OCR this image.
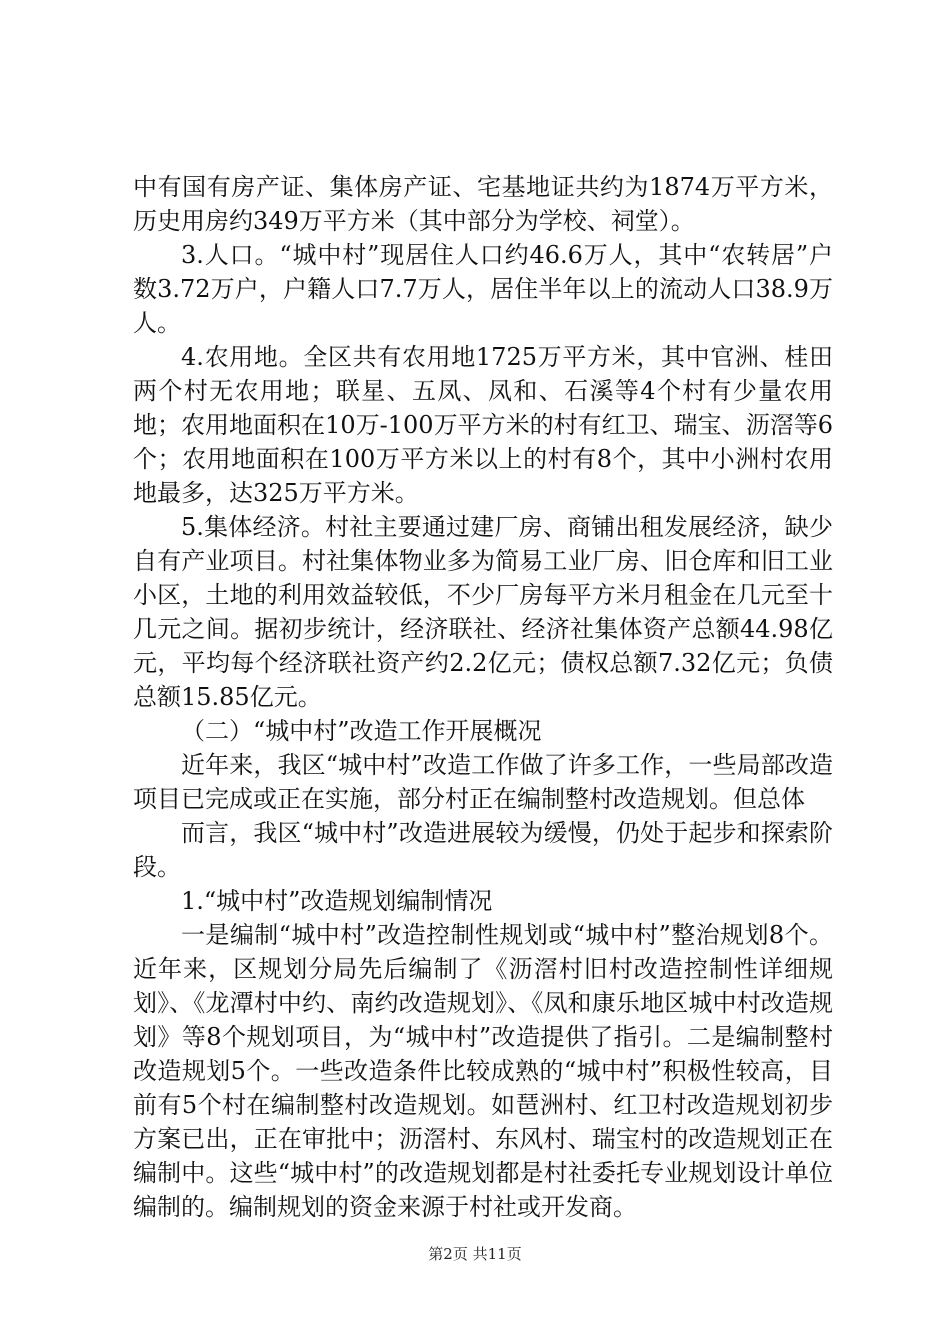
中有国有房产证、集体房产证、宅基地证共约为1874万平方米，历史用房约349万平方米（其中部分为学校、祠堂）。

3.人口。“城中村”现居住人口约46.6万人，其中“农转居”户数3.72万户，户籍人口7.7万人，居住半年以上的流动人口38.9万人。

4.农用地。全区共有农用地1725万平方米，其中官洲、桂田两个村无农用地；联星、五凤、凤和、石溪等4个村有少量农用地；农用地面积在10万-100万平方米的村有红卫、瑞宝、沥滘等6个；农用地面积在100万平方米以上的村有8个，其中小洲村农用地最多，达325万平方米。

5.集体经济。村社主要通过建厂房、商铺出租发展经济，缺少自有产业项目。村社集体物业多为简易工业厂房、旧仓库和旧工业小区，土地的利用效益较低，不少厂房每平方米月租金在几元至十几元之间。据初步统计，经济联社、经济社集体资产总额44.98亿元，平均每个经济联社资产约2.2亿元；债权总额7.32亿元；负债总额15.85亿元。

（二）“城中村”改造工作开展概况

近年来，我区“城中村”改造工作做了许多工作，一些局部改造项目已完成或正在实施，部分村正在编制整村改造规划。但总体

而言，我区“城中村”改造进展较为缓慢，仍处于起步和探索阶段。

1.“城中村”改造规划编制情况

一是编制“城中村”改造控制性规划或“城中村”整治规划8个。近年来，区规划分局先后编制了《沥滘村旧村改造控制性详细规划》、《龙潭村中约、南约改造规划》、《凤和康乐地区城中村改造规划》等8个规划项目，为“城中村”改造提供了指引。二是编制整村改造规划5个。一些改造条件比较成熟的“城中村”积极性较高，目前有5个村在编制整村改造规划。如琶洲村、红卫村改造规划初步方案已出，正在审批中；沥滘村、东风村、瑞宝村的改造规划正在编制中。这些“城中村”的改造规划都是村社委托专业规划设计单位编制的。编制规划的资金来源于村社或开发商。

第2页 共11页
